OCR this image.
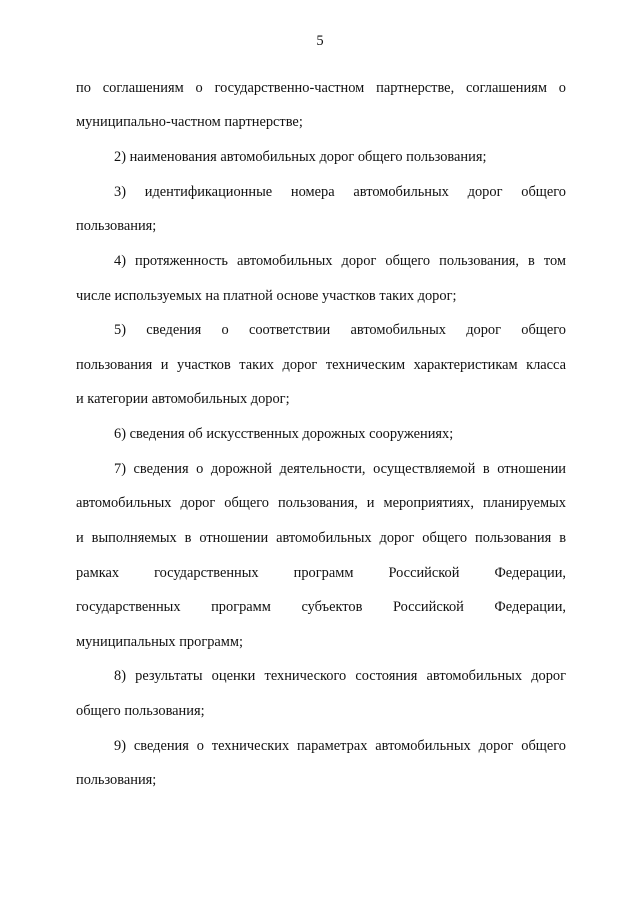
5
по соглашениям о государственно-частном партнерстве, соглашениям о
муниципально-частном партнерстве;
2) наименования автомобильных дорог общего пользования;
3) идентификационные номера автомобильных дорог общего
пользования;
4) протяженность автомобильных дорог общего пользования, в том
числе используемых на платной основе участков таких дорог;
5) сведения о соответствии автомобильных дорог общего
пользования и участков таких дорог техническим характеристикам класса
и категории автомобильных дорог;
6) сведения об искусственных дорожных сооружениях;
7) сведения о дорожной деятельности, осуществляемой в отношении
автомобильных дорог общего пользования, и мероприятиях, планируемых
и выполняемых в отношении автомобильных дорог общего пользования в
рамках государственных программ Российской Федерации,
государственных программ субъектов Российской Федерации,
муниципальных программ;
8) результаты оценки технического состояния автомобильных дорог
общего пользования;
9) сведения о технических параметрах автомобильных дорог общего
пользования;
